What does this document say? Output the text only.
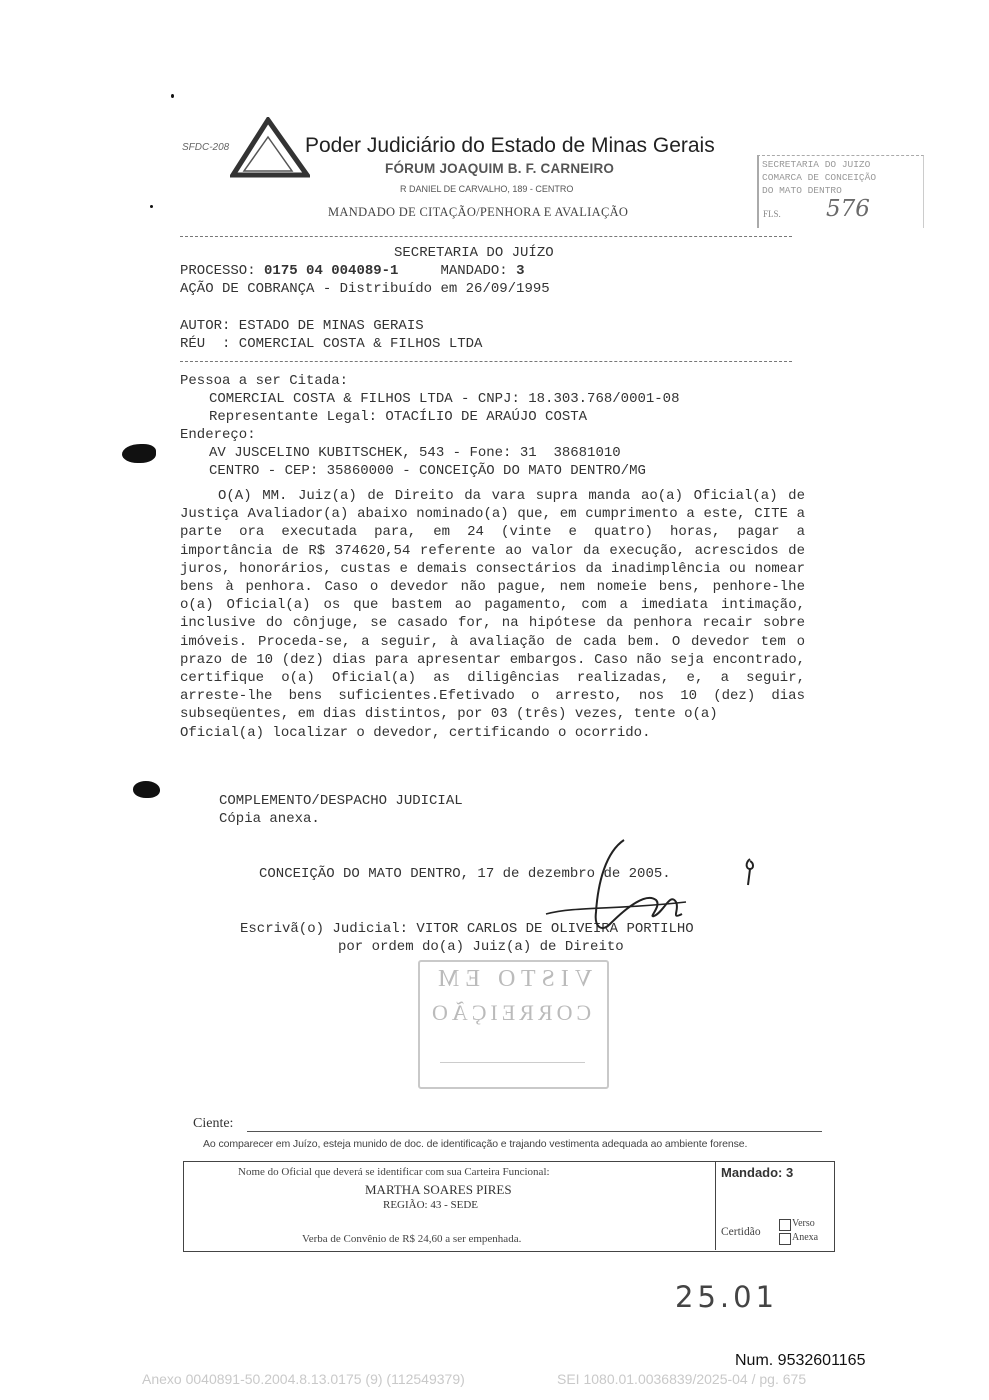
SFDC-208	Poder Judiciário do Estado de Minas Gerais
FÓRUM JOAQUIM B. F. CARNEIRO
R DANIEL DE CARVALHO, 189 - CENTRO
MANDADO DE CITAÇÃO/PENHORA E AVALIAÇÃO
SECRETARIA DO JUIZO
COMARCA DE CONCEIÇÃO
DO MATO DENTRO
FLS. 576
SECRETARIA DO JUÍZO
PROCESSO: 0175 04 004089-1	MANDADO: 3
AÇÃO DE COBRANÇA - Distribuído em 26/09/1995
AUTOR: ESTADO DE MINAS GERAIS
RÉU  : COMERCIAL COSTA & FILHOS LTDA
Pessoa a ser Citada:
COMERCIAL COSTA & FILHOS LTDA - CNPJ: 18.303.768/0001-08
Representante Legal: OTACÍLIO DE ARAÚJO COSTA
Endereço:
AV JUSCELINO KUBITSCHEK, 543 - Fone: 31  38681010
CENTRO - CEP: 35860000 - CONCEIÇÃO DO MATO DENTRO/MG
O(A) MM. Juiz(a) de Direito da vara supra manda ao(a) Oficial(a) de Justiça Avaliador(a) abaixo nominado(a) que, em cumprimento a este, CITE a parte ora executada para, em 24 (vinte e quatro) horas, pagar a importância de R$ 374620,54 referente ao valor da execução, acrescidos de juros, honorários, custas e demais consectários da inadimplência ou nomear bens à penhora. Caso o devedor não pague, nem nomeie bens, penhore-lhe o(a) Oficial(a) os que bastem ao pagamento, com a imediata intimação, inclusive do cônjuge, se casado for, na hipótese da penhora recair sobre imóveis. Proceda-se, a seguir, à avaliação de cada bem. O devedor tem o prazo de 10 (dez) dias para apresentar embargos. Caso não seja encontrado, certifique o(a) Oficial(a) as diligências realizadas, e, a seguir, arreste-lhe bens suficientes.Efetivado o arresto, nos 10 (dez) dias subseqüentes, em dias distintos, por 03 (três) vezes, tente o(a)
Oficial(a) localizar o devedor, certificando o ocorrido.
COMPLEMENTO/DESPACHO JUDICIAL
Cópia anexa.
CONCEIÇÃO DO MATO DENTRO, 17 de dezembro de 2005.
Escrivã(o) Judicial: VITOR CARLOS DE OLIVEIRA PORTILHO
por ordem do(a) Juiz(a) de Direito
VISTO EM
CORREIÇÃO
Ciente:
Ao comparecer em Juízo, esteja munido de doc. de identificação e trajando vestimenta adequada ao ambiente forense.
Nome do Oficial que deverá se identificar com sua Carteira Funcional:
MARTHA SOARES PIRES
REGIÃO: 43 - SEDE
Verba de Convênio de R$ 24,60 a ser empenhada.
Mandado: 3
Certidão
Verso
Anexa
25.01
Num. 9532601165
Anexo 0040891-50.2004.8.13.0175 (9) (112549379)	SEI 1080.01.0036839/2025-04 / pg. 675
